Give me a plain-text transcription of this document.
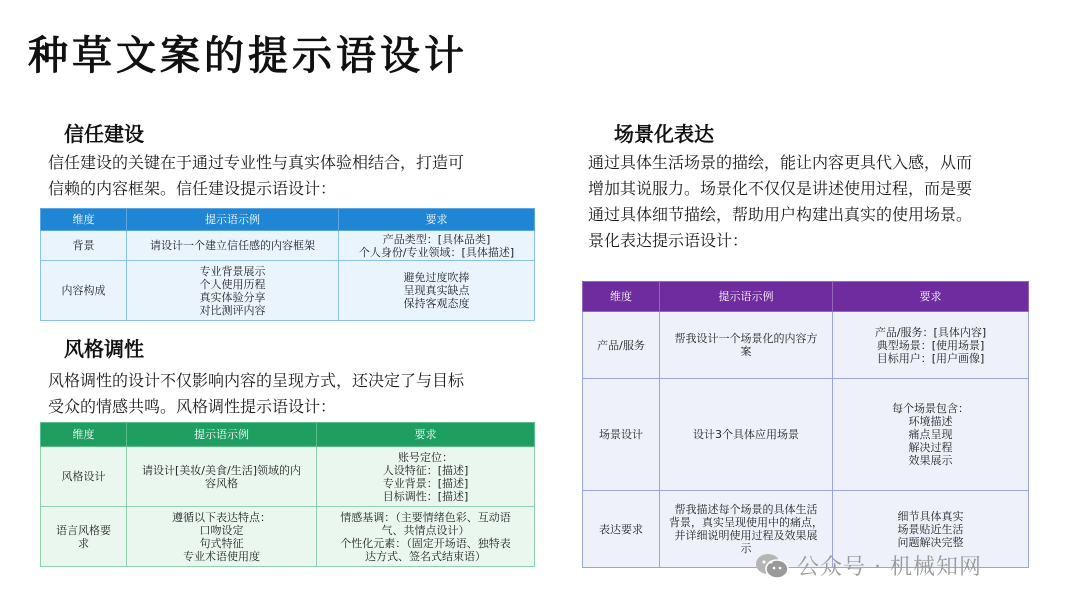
种草文案的提示语设计
信任建设
信任建设的关键在于通过专业性与真实体验相结合，打造可
信赖的内容框架。信任建设提示语设计：
维度	提示语示例	要求
背景	请设计一个建立信任感的内容框架	产品类型：[具体品类]
个人身份/专业领域：[具体描述]
内容构成	专业背景展示
个人使用历程
真实体验分享
对比测评内容	避免过度吹捧
呈现真实缺点
保持客观态度
风格调性
风格调性的设计不仅影响内容的呈现方式，还决定了与目标
受众的情感共鸣。风格调性提示语设计：
维度	提示语示例	要求
风格设计	请设计[美妆/美食/生活]领域的内
容风格	账号定位：
人设特征：[描述]
专业背景：[描述]
目标调性：[描述]
语言风格要
求	遵循以下表达特点：
口吻设定
句式特征
专业术语使用度	情感基调：（主要情绪色彩、互动语
气、共情点设计）
个性化元素：（固定开场语、独特表
达方式、签名式结束语）
场景化表达
通过具体生活场景的描绘，能让内容更具代入感，从而
增加其说服力。场景化不仅仅是讲述使用过程，而是要
通过具体细节描绘，帮助用户构建出真实的使用场景。
景化表达提示语设计：
维度	提示语示例	要求
产品/服务	帮我设计一个场景化的内容方
案	产品/服务：[具体内容]
典型场景：[使用场景]
目标用户：[用户画像]
场景设计	设计3个具体应用场景	每个场景包含：
环境描述
痛点呈现
解决过程
效果展示
表达要求	帮我描述每个场景的具体生活
背景，真实呈现使用中的痛点，
并详细说明使用过程及效果展
示	细节具体真实
场景贴近生活
问题解决完整
公众号 · 机械知网
